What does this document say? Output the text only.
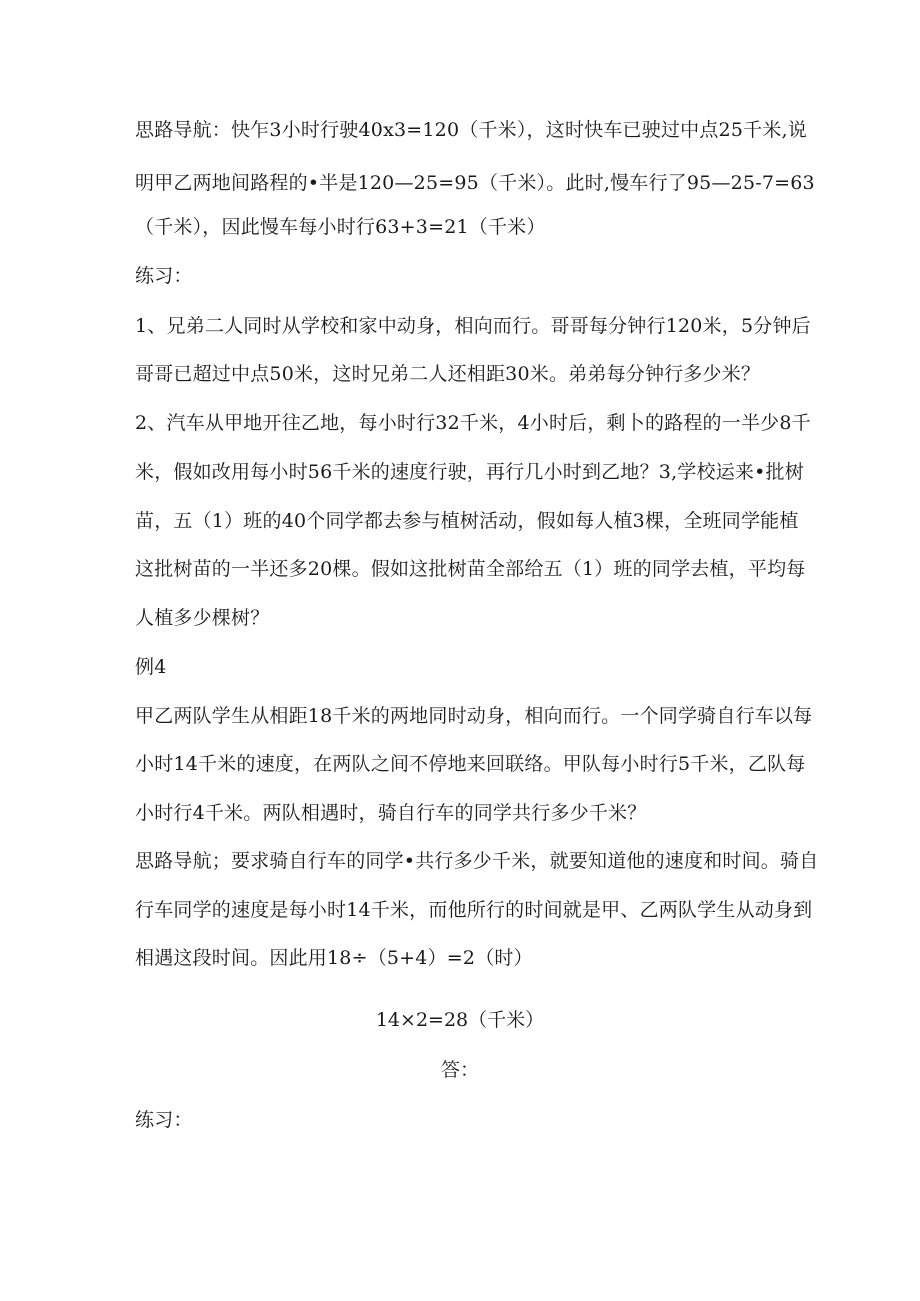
思路导航：快乍3小时行驶40x3=120（千米），这时快车已驶过中点25千米,说
明甲乙两地间路程的•半是120—25=95（千米）。此时,慢车行了95—25-7=63
（千米），因此慢车每小时行63+3=21（千米）
练习：
1、兄弟二人同时从学校和家中动身，相向而行。哥哥每分钟行120米，5分钟后
哥哥已超过中点50米，这时兄弟二人还相距30米。弟弟每分钟行多少米？
2、汽车从甲地开往乙地，每小时行32千米，4小时后，剩卜的路程的一半少8千
米，假如改用每小时56千米的速度行驶，再行几小时到乙地？3,学校运来•批树
苗，五（1）班的40个同学都去参与植树活动，假如每人植3棵，全班同学能植
这批树苗的一半还多20棵。假如这批树苗全部给五（1）班的同学去植，平均每
人植多少棵树？
例4
甲乙两队学生从相距18千米的两地同时动身，相向而行。一个同学骑自行车以每
小时14千米的速度，在两队之间不停地来回联络。甲队每小时行5千米，乙队每
小时行4千米。两队相遇时，骑自行车的同学共行多少千米？
思路导航；要求骑自行车的同学•共行多少千米，就要知道他的速度和时间。骑自
行车同学的速度是每小时14千米，而他所行的时间就是甲、乙两队学生从动身到
相遇这段时间。因此用18÷（5+4）=2（时）
14×2=28（千米）
答：
练习：
